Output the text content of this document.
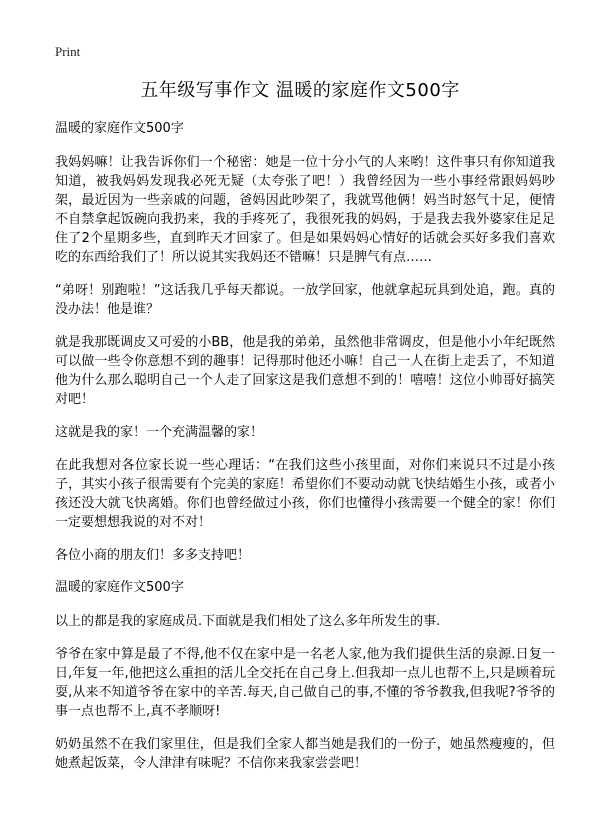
Print
五年级写事作文 温暖的家庭作文500字
温暖的家庭作文500字

我妈妈嘛！让我告诉你们一个秘密：她是一位十分小气的人来哟！这件事只有你知道我知道，被我妈妈发现我必死无疑（太夸张了吧！）我曾经因为一些小事经常跟妈妈吵架，最近因为一些亲戚的问题，爸妈因此吵架了，我就骂他俩！妈当时怒气十足，便情不自禁拿起饭碗向我扔来，我的手疼死了，我很死我的妈妈，于是我去我外婆家住足足住了2个星期多些，直到昨天才回家了。但是如果妈妈心情好的话就会买好多我们喜欢吃的东西给我们了！所以说其实我妈还不错嘛！只是脾气有点……

“弟呀！别跑啦！”这话我几乎每天都说。一放学回家，他就拿起玩具到处追，跑。真的没办法！他是谁？

就是我那既调皮又可爱的小BB，他是我的弟弟，虽然他非常调皮，但是他小小年纪既然可以做一些令你意想不到的趣事！记得那时他还小嘛！自己一人在街上走丢了，不知道他为什么那么聪明自己一个人走了回家这是我们意想不到的！嘻嘻！这位小帅哥好搞笑对吧！

这就是我的家！一个充满温馨的家！

在此我想对各位家长说一些心理话：“在我们这些小孩里面，对你们来说只不过是小孩子，其实小孩子很需要有个完美的家庭！希望你们不要动动就飞快结婚生小孩，或者小孩还没大就飞快离婚。你们也曾经做过小孩，你们也懂得小孩需要一个健全的家！你们一定要想想我说的对不对！

各位小商的朋友们！多多支持吧！

温暖的家庭作文500字

以上的都是我的家庭成员.下面就是我们相处了这么多年所发生的事.

爷爷在家中算是最了不得,他不仅在家中是一名老人家,他为我们提供生活的泉源.日复一日,年复一年,他把这么重担的活儿全交托在自己身上.但我却一点儿也帮不上,只是顾着玩耍,从来不知道爷爷在家中的辛苦.每天,自己做自己的事,不懂的爷爷教我,但我呢?爷爷的事一点也帮不上,真不孝顺呀!

奶奶虽然不在我们家里住，但是我们全家人都当她是我们的一份子，她虽然瘦瘦的，但她煮起饭菜，令人津津有味呢？不信你来我家尝尝吧！
